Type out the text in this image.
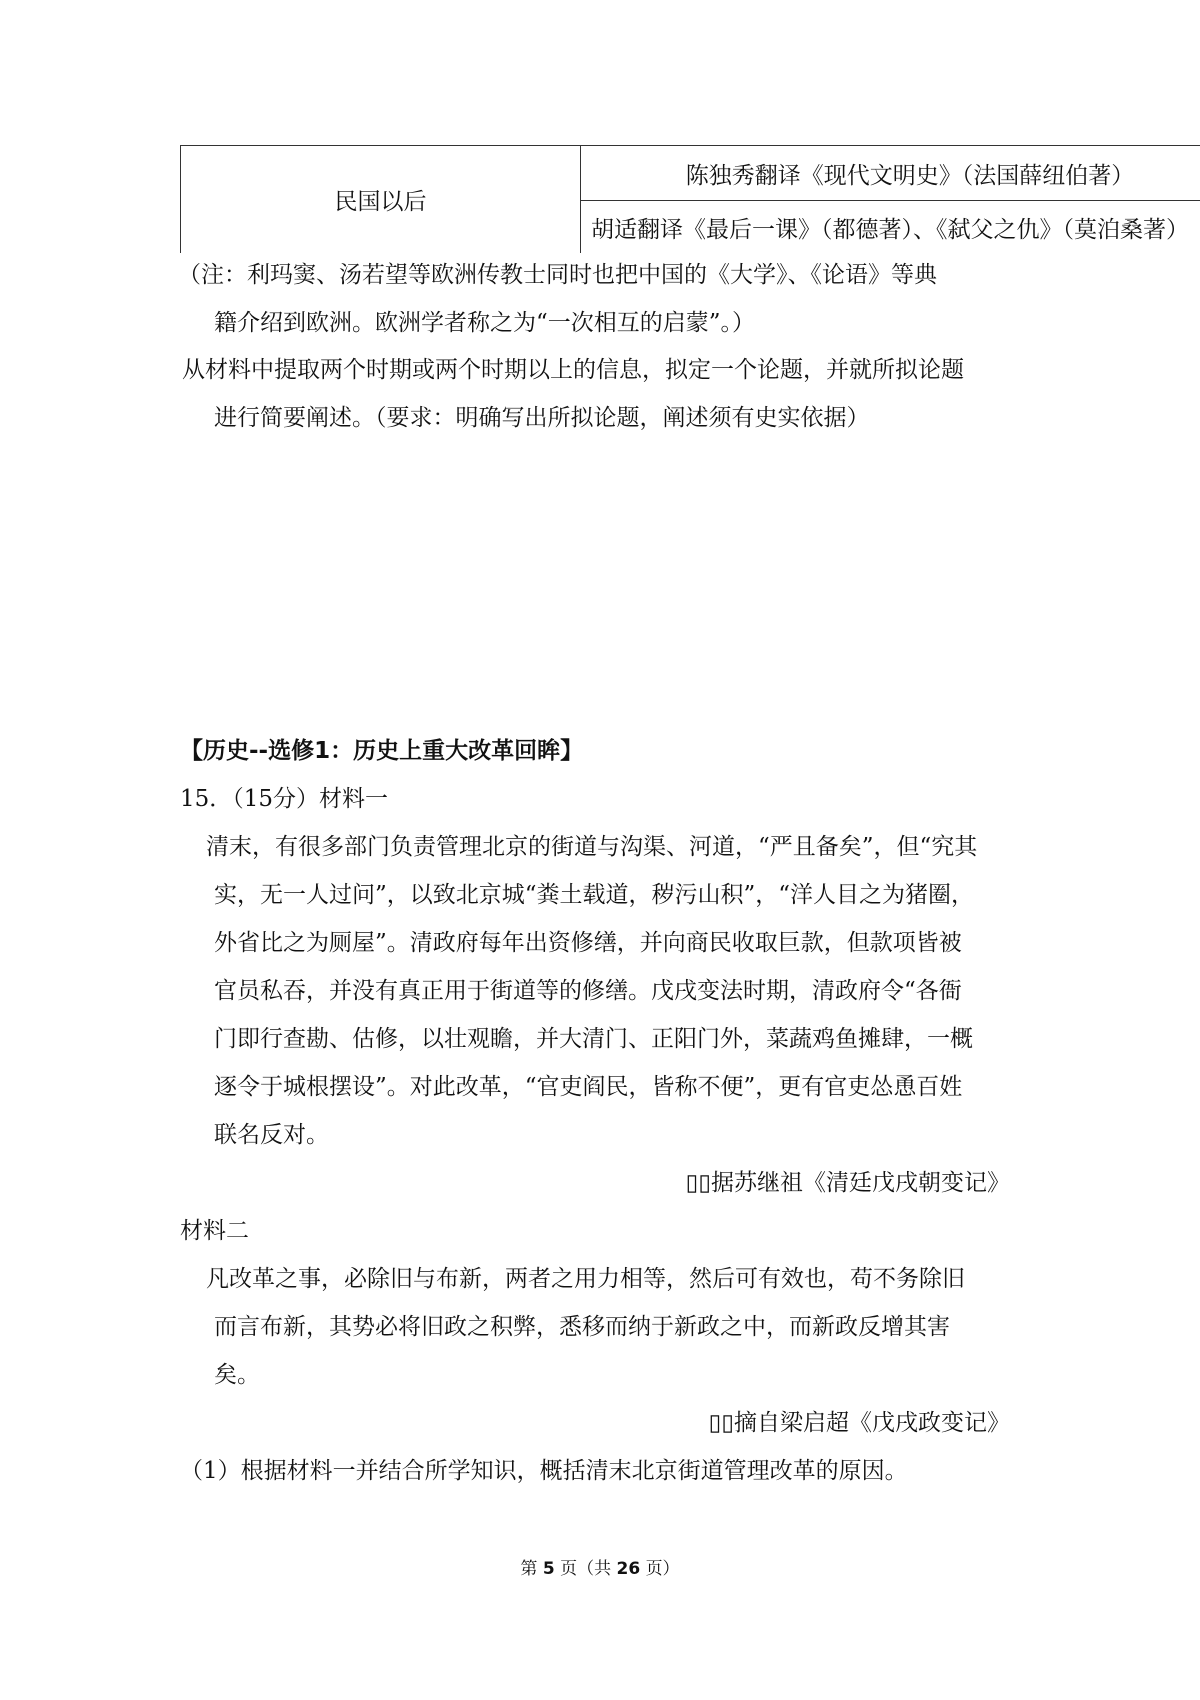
民国以后	陈独秀翻译《现代文明史》（法国薛纽伯著）
胡适翻译《最后一课》（都德著）、《弑父之仇》（莫泊桑著）
（注：利玛窦、汤若望等欧洲传教士同时也把中国的《大学》、《论语》等典
籍介绍到欧洲。欧洲学者称之为“一次相互的启蒙”。）
从材料中提取两个时期或两个时期以上的信息，拟定一个论题，并就所拟论题
进行简要阐述。（要求：明确写出所拟论题，阐述须有史实依据）
【历史--选修1：历史上重大改革回眸】
15．（15分）材料一
清末，有很多部门负责管理北京的街道与沟渠、河道，“严且备矣”，但“究其
实，无一人过问”，以致北京城“粪土载道，秽污山积”，“洋人目之为猪圈，
外省比之为厕屋”。清政府每年出资修缮，并向商民收取巨款，但款项皆被
官员私吞，并没有真正用于街道等的修缮。戊戌变法时期，清政府令“各衙
门即行查勘、估修，以壮观瞻，并大清门、正阳门外，菜蔬鸡鱼摊肆，一概
逐令于城根摆设”。对此改革，“官吏阎民，皆称不便”，更有官吏怂恿百姓
联名反对。
▯▯据苏继祖《清廷戊戌朝变记》
材料二
凡改革之事，必除旧与布新，两者之用力相等，然后可有效也，苟不务除旧
而言布新，其势必将旧政之积弊，悉移而纳于新政之中，而新政反增其害
矣。
▯▯摘自梁启超《戊戌政变记》
（1）根据材料一并结合所学知识，概括清末北京街道管理改革的原因。
第 5 页（共 26 页）
